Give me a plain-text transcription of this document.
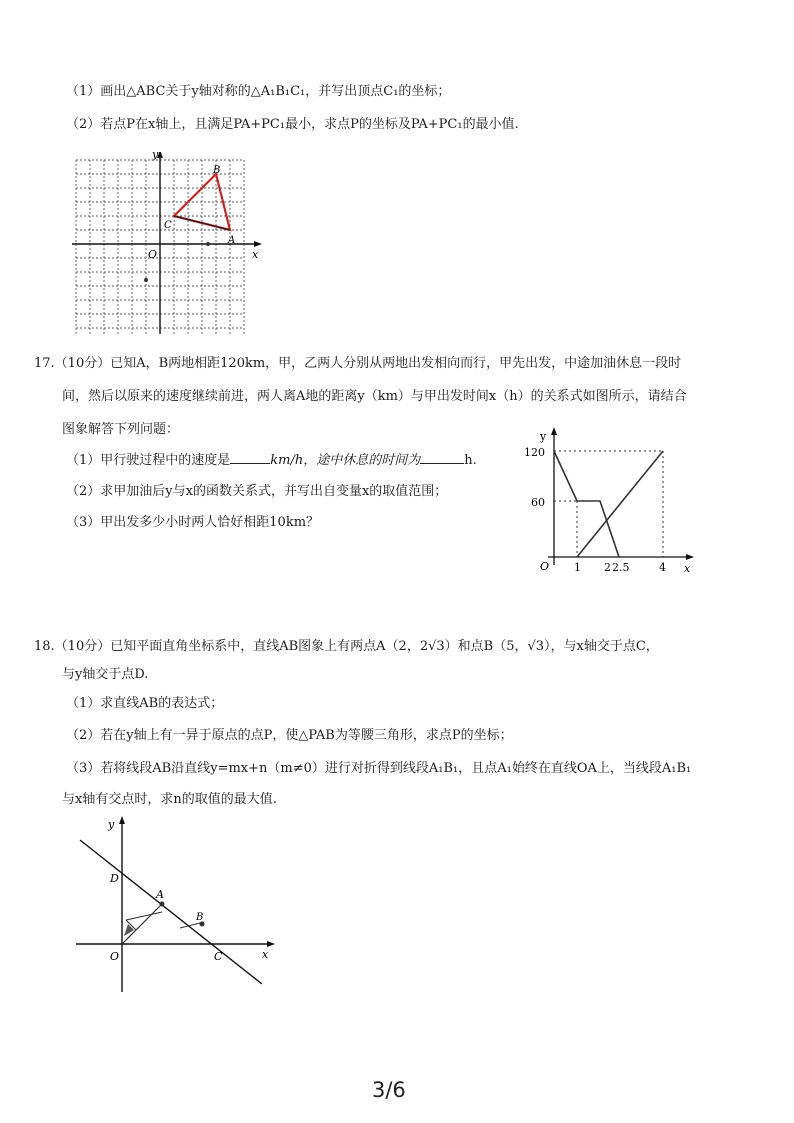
（1）画出△ABC关于y轴对称的△A₁B₁C₁，并写出顶点C₁的坐标；
（2）若点P在x轴上，且满足PA+PC₁最小，求点P的坐标及PA+PC₁的最小值.
y
x
O
A
B
C
17.（10分）已知A，B两地相距120km，甲，乙两人分别从两地出发相向而行，甲先出发，中途加油休息一段时
间，然后以原来的速度继续前进，两人离A地的距离y（km）与甲出发时间x（h）的关系式如图所示，请结合
图象解答下列问题：
（1）甲行驶过程中的速度是	km/h，途中休息的时间为	h.
（2）求甲加油后y与x的函数关系式，并写出自变量x的取值范围；
（3）甲出发多少小时两人恰好相距10km？
y
x
O
120
60
1 2 2.5	4
18.（10分）已知平面直角坐标系中，直线AB图象上有两点A（2，2√3）和点B（5，√3），与x轴交于点C，
与y轴交于点D.
（1）求直线AB的表达式；
（2）若在y轴上有一异于原点的点P，使△PAB为等腰三角形，求点P的坐标；
（3）若将线段AB沿直线y=mx+n（m≠0）进行对折得到线段A₁B₁，且点A₁始终在直线OA上，当线段A₁B₁
与x轴有交点时，求n的取值的最大值.
y
x
O
D
A
B
C
3/6
